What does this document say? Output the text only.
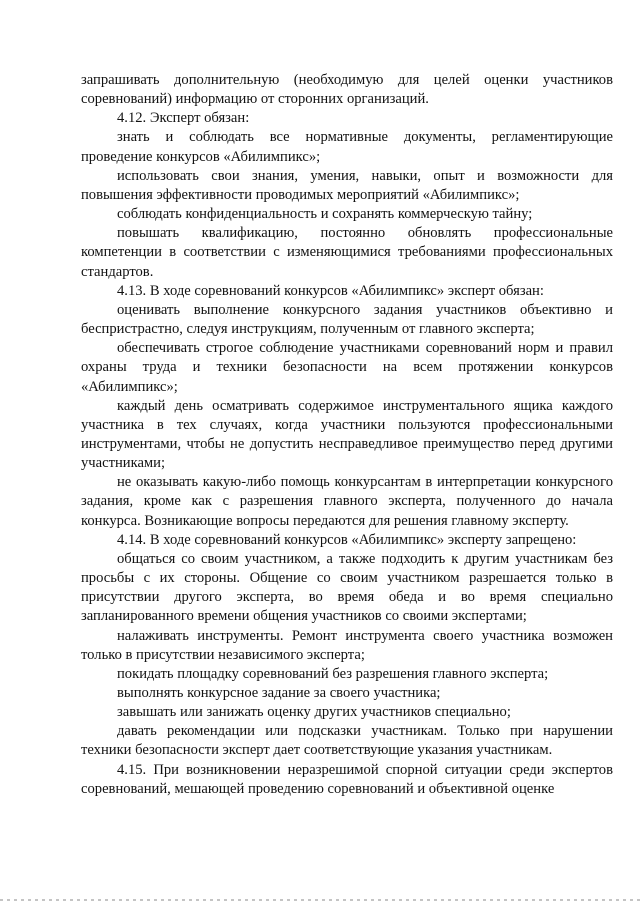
запрашивать дополнительную (необходимую для целей оценки участников соревнований) информацию от сторонних организаций.

4.12. Эксперт обязан:

знать и соблюдать все нормативные документы, регламентирующие проведение конкурсов «Абилимпикс»;

использовать свои знания, умения, навыки, опыт и возможности для повышения эффективности проводимых мероприятий «Абилимпикс»;

соблюдать конфиденциальность и сохранять коммерческую тайну;

повышать квалификацию, постоянно обновлять профессиональные компетенции в соответствии с изменяющимися требованиями профессиональных стандартов.

4.13. В ходе соревнований конкурсов «Абилимпикс» эксперт обязан:

оценивать выполнение конкурсного задания участников объективно и беспристрастно, следуя инструкциям, полученным от главного эксперта;

обеспечивать строгое соблюдение участниками соревнований норм и правил охраны труда и техники безопасности на всем протяжении конкурсов «Абилимпикс»;

каждый день осматривать содержимое инструментального ящика каждого участника в тех случаях, когда участники пользуются профессиональными инструментами, чтобы не допустить несправедливое преимущество перед другими участниками;

не оказывать какую-либо помощь конкурсантам в интерпретации конкурсного задания, кроме как с разрешения главного эксперта, полученного до начала конкурса. Возникающие вопросы передаются для решения главному эксперту.

4.14. В ходе соревнований конкурсов «Абилимпикс» эксперту запрещено:

общаться со своим участником, а также подходить к другим участникам без просьбы с их стороны. Общение со своим участником разрешается только в присутствии другого эксперта, во время обеда и во время специально запланированного времени общения участников со своими экспертами;

налаживать инструменты. Ремонт инструмента своего участника возможен только в присутствии независимого эксперта;

покидать площадку соревнований без разрешения главного эксперта;

выполнять конкурсное задание за своего участника;

завышать или занижать оценку других участников специально;

давать рекомендации или подсказки участникам. Только при нарушении техники безопасности эксперт дает соответствующие указания участникам.

4.15. При возникновении неразрешимой спорной ситуации среди экспертов соревнований, мешающей проведению соревнований и объективной оценке
